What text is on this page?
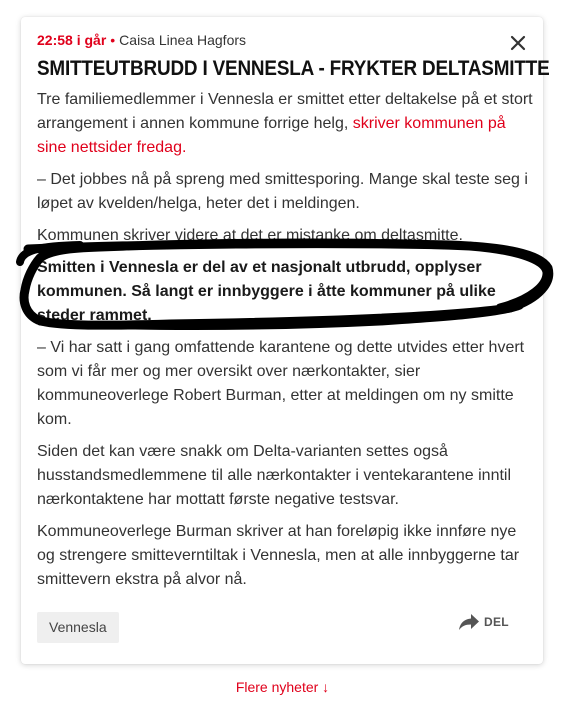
22:58 i går • Caisa Linea Hagfors
SMITTEUTBRUDD I VENNESLA - FRYKTER DELTASMITTE

Tre familiemedlemmer i Vennesla er smittet etter deltakelse på et stort arrangement i annen kommune forrige helg, skriver kommunen på sine nettsider fredag.

– Det jobbes nå på spreng med smittesporing. Mange skal teste seg i løpet av kvelden/helga, heter det i meldingen.

Kommunen skriver videre at det er mistanke om deltasmitte.

Smitten i Vennesla er del av et nasjonalt utbrudd, opplyser kommunen. Så langt er innbyggere i åtte kommuner på ulike steder rammet.

– Vi har satt i gang omfattende karantene og dette utvides etter hvert som vi får mer og mer oversikt over nærkontakter, sier kommuneoverlege Robert Burman, etter at meldingen om ny smitte kom.

Siden det kan være snakk om Delta-varianten settes også husstandsmedlemmene til alle nærkontakter i ventekarantene inntil nærkontaktene har mottatt første negative testsvar.

Kommuneoverlege Burman skriver at han foreløpig ikke innføre nye og strengere smitteverntiltak i Vennesla, men at alle innbyggerne tar smittevern ekstra på alvor nå.

Vennesla	DEL
Flere nyheter ↓
